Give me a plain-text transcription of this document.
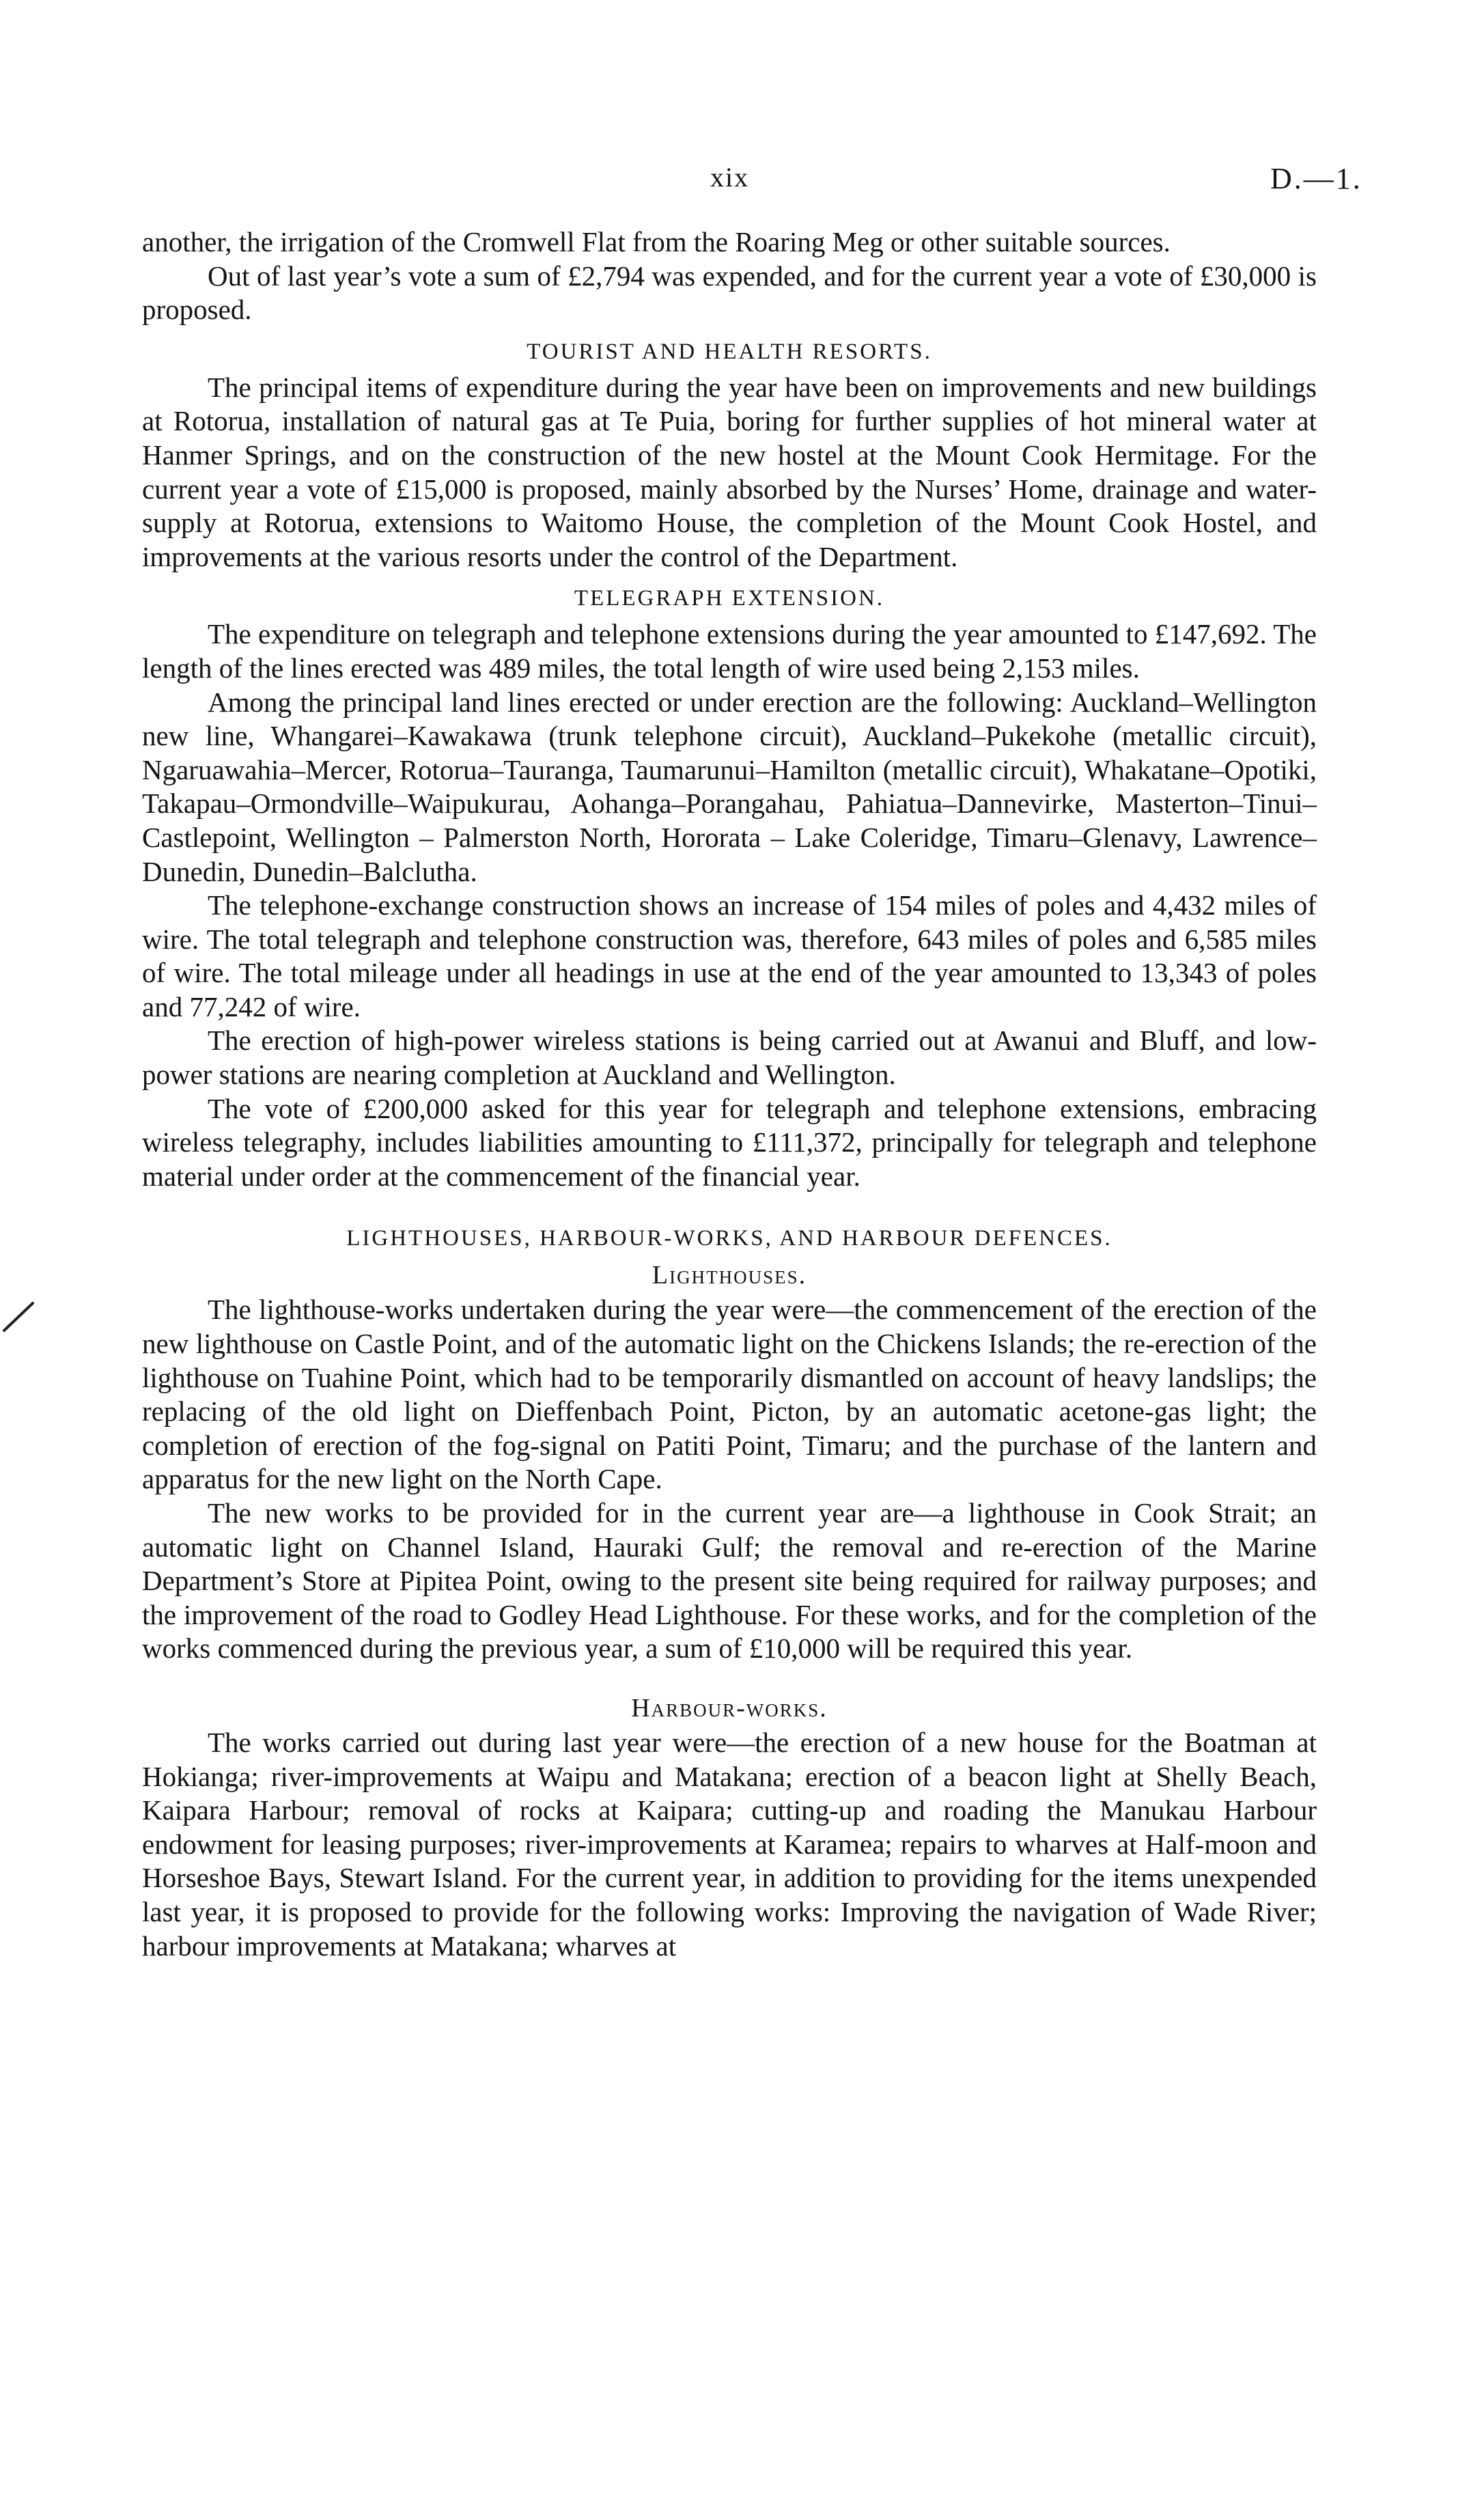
xix	D.—1.

another, the irrigation of the Cromwell Flat from the Roaring Meg or other suitable sources.

Out of last year’s vote a sum of £2,794 was expended, and for the current year a vote of £30,000 is proposed.

TOURIST AND HEALTH RESORTS.

The principal items of expenditure during the year have been on improvements and new buildings at Rotorua, installation of natural gas at Te Puia, boring for further supplies of hot mineral water at Hanmer Springs, and on the construction of the new hostel at the Mount Cook Hermitage. For the current year a vote of £15,000 is proposed, mainly absorbed by the Nurses’ Home, drainage and water-supply at Rotorua, extensions to Waitomo House, the completion of the Mount Cook Hostel, and improvements at the various resorts under the control of the Department.

TELEGRAPH EXTENSION.

The expenditure on telegraph and telephone extensions during the year amounted to £147,692. The length of the lines erected was 489 miles, the total length of wire used being 2,153 miles.

Among the principal land lines erected or under erection are the following: Auckland–Wellington new line, Whangarei–Kawakawa (trunk telephone circuit), Auckland–Pukekohe (metallic circuit), Ngaruawahia–Mercer, Rotorua–Tauranga, Taumarunui–Hamilton (metallic circuit), Whakatane–Opotiki, Takapau–Ormondville–Waipukurau, Aohanga–Porangahau, Pahiatua–Dannevirke, Masterton–Tinui–Castlepoint, Wellington – Palmerston North, Hororata – Lake Coleridge, Timaru–Glenavy, Lawrence–Dunedin, Dunedin–Balclutha.

The telephone-exchange construction shows an increase of 154 miles of poles and 4,432 miles of wire. The total telegraph and telephone construction was, therefore, 643 miles of poles and 6,585 miles of wire. The total mileage under all headings in use at the end of the year amounted to 13,343 of poles and 77,242 of wire.

The erection of high-power wireless stations is being carried out at Awanui and Bluff, and low-power stations are nearing completion at Auckland and Wellington.

The vote of £200,000 asked for this year for telegraph and telephone extensions, embracing wireless telegraphy, includes liabilities amounting to £111,372, principally for telegraph and telephone material under order at the commencement of the financial year.

LIGHTHOUSES, HARBOUR-WORKS, AND HARBOUR DEFENCES.
Lighthouses.

The lighthouse-works undertaken during the year were—the commencement of the erection of the new lighthouse on Castle Point, and of the automatic light on the Chickens Islands; the re-erection of the lighthouse on Tuahine Point, which had to be temporarily dismantled on account of heavy landslips; the replacing of the old light on Dieffenbach Point, Picton, by an automatic acetone-gas light; the completion of erection of the fog-signal on Patiti Point, Timaru; and the purchase of the lantern and apparatus for the new light on the North Cape.

The new works to be provided for in the current year are—a lighthouse in Cook Strait; an automatic light on Channel Island, Hauraki Gulf; the removal and re-erection of the Marine Department’s Store at Pipitea Point, owing to the present site being required for railway purposes; and the improvement of the road to Godley Head Lighthouse. For these works, and for the completion of the works commenced during the previous year, a sum of £10,000 will be required this year.

Harbour-works.

The works carried out during last year were—the erection of a new house for the Boatman at Hokianga; river-improvements at Waipu and Matakana; erection of a beacon light at Shelly Beach, Kaipara Harbour; removal of rocks at Kaipara; cutting-up and roading the Manukau Harbour endowment for leasing purposes; river-improvements at Karamea; repairs to wharves at Half-moon and Horseshoe Bays, Stewart Island. For the current year, in addition to providing for the items unexpended last year, it is proposed to provide for the following works: Improving the navigation of Wade River; harbour improvements at Matakana; wharves at
